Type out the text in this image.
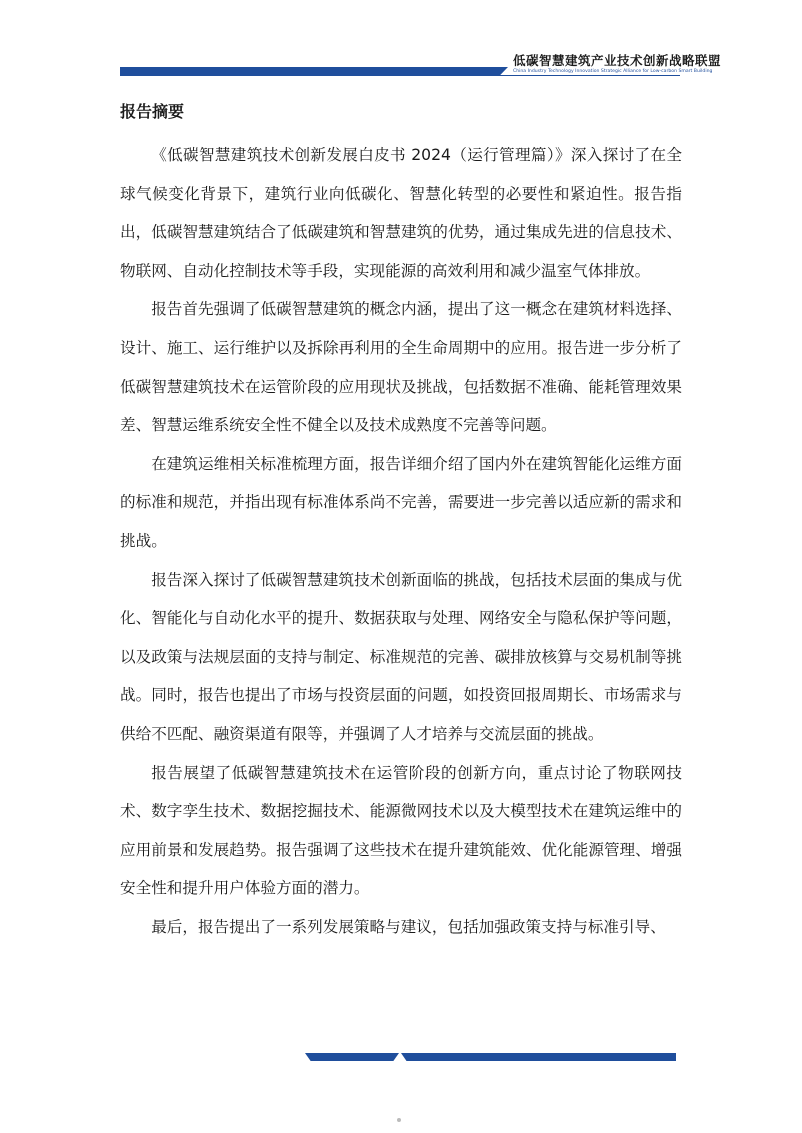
低碳智慧建筑产业技术创新战略联盟
China Industry Technology Innovation Strategic Alliance for Low-carbon Smart Building
报告摘要

《低碳智慧建筑技术创新发展白皮书 2024（运行管理篇）》深入探讨了在全球气候变化背景下，建筑行业向低碳化、智慧化转型的必要性和紧迫性。报告指出，低碳智慧建筑结合了低碳建筑和智慧建筑的优势，通过集成先进的信息技术、物联网、自动化控制技术等手段，实现能源的高效利用和减少温室气体排放。

报告首先强调了低碳智慧建筑的概念内涵，提出了这一概念在建筑材料选择、设计、施工、运行维护以及拆除再利用的全生命周期中的应用。报告进一步分析了低碳智慧建筑技术在运管阶段的应用现状及挑战，包括数据不准确、能耗管理效果差、智慧运维系统安全性不健全以及技术成熟度不完善等问题。

在建筑运维相关标准梳理方面，报告详细介绍了国内外在建筑智能化运维方面的标准和规范，并指出现有标准体系尚不完善，需要进一步完善以适应新的需求和挑战。

报告深入探讨了低碳智慧建筑技术创新面临的挑战，包括技术层面的集成与优化、智能化与自动化水平的提升、数据获取与处理、网络安全与隐私保护等问题，以及政策与法规层面的支持与制定、标准规范的完善、碳排放核算与交易机制等挑战。同时，报告也提出了市场与投资层面的问题，如投资回报周期长、市场需求与供给不匹配、融资渠道有限等，并强调了人才培养与交流层面的挑战。

报告展望了低碳智慧建筑技术在运管阶段的创新方向，重点讨论了物联网技术、数字孪生技术、数据挖掘技术、能源微网技术以及大模型技术在建筑运维中的应用前景和发展趋势。报告强调了这些技术在提升建筑能效、优化能源管理、增强安全性和提升用户体验方面的潜力。

最后，报告提出了一系列发展策略与建议，包括加强政策支持与标准引导、
